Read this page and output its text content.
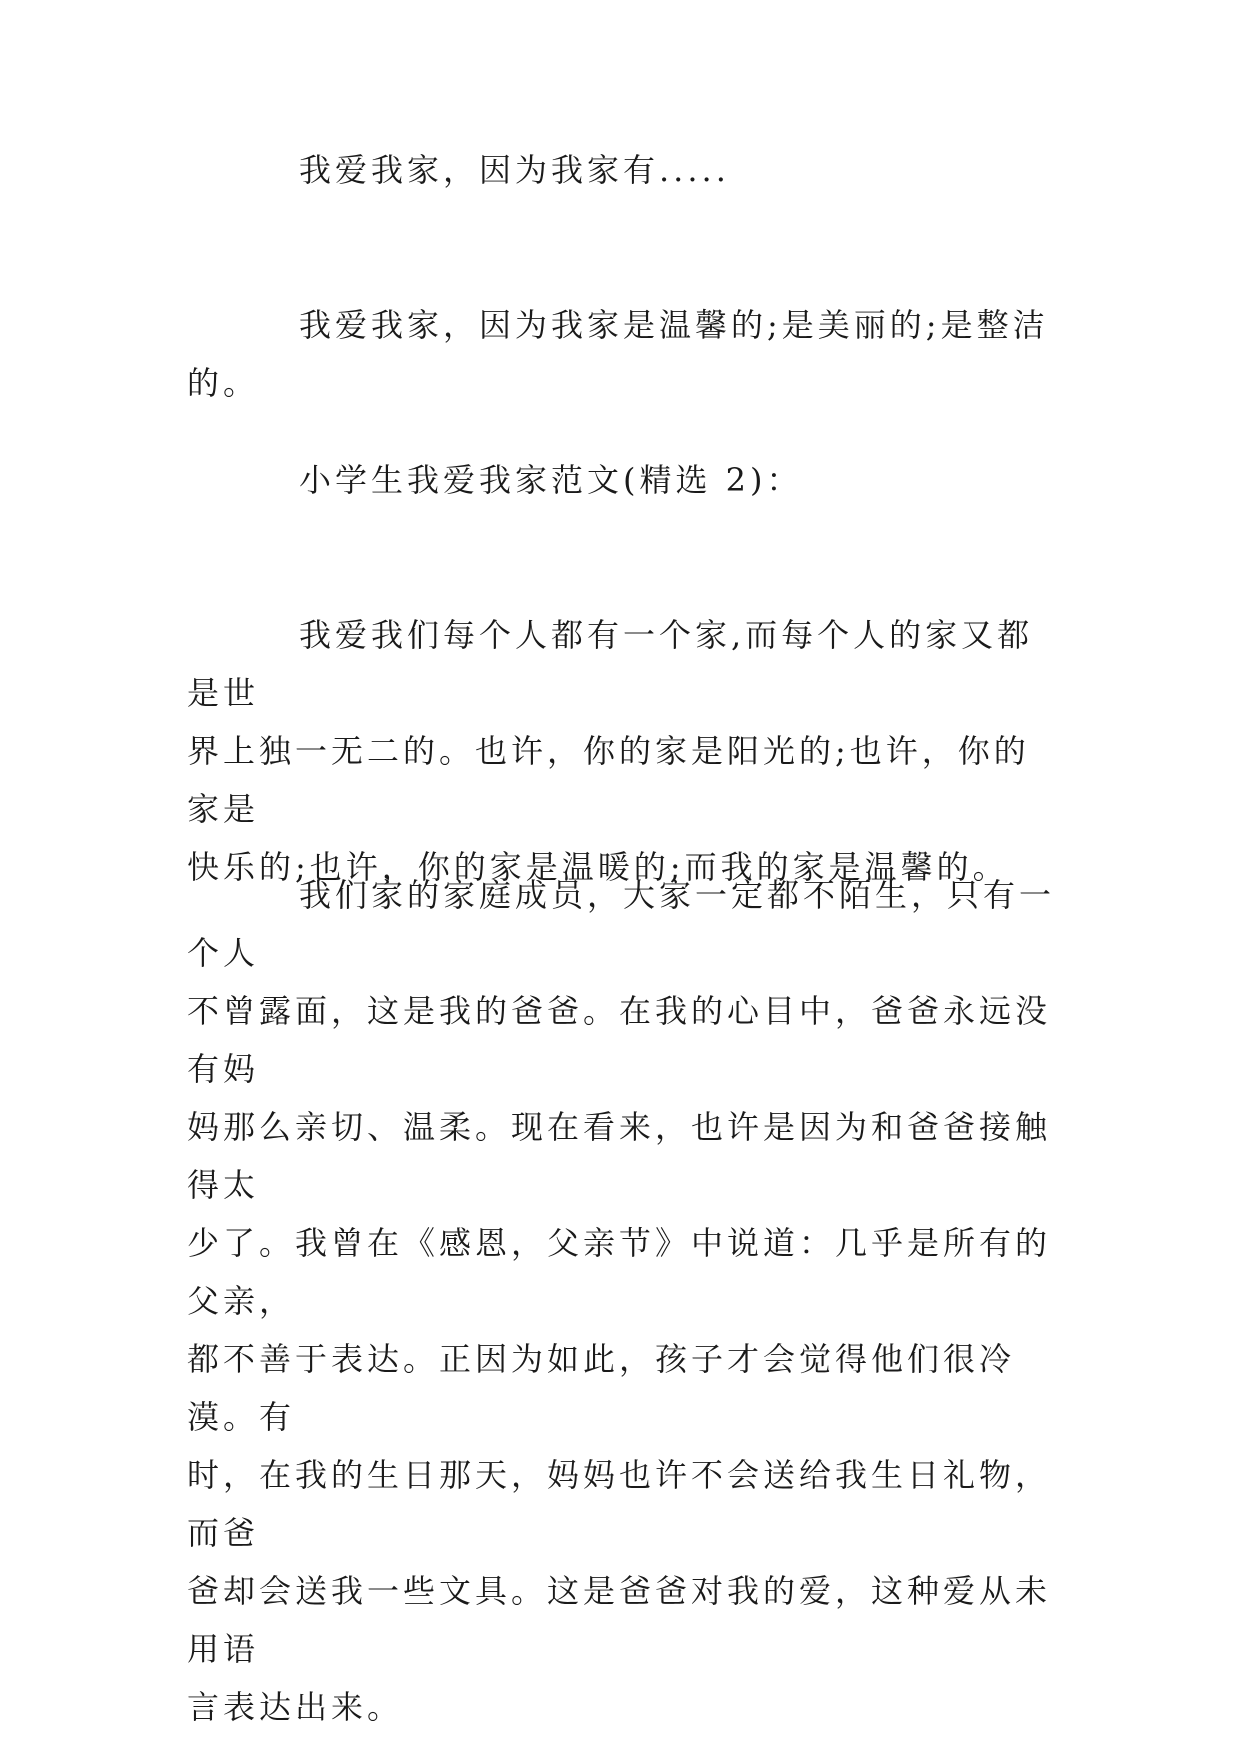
我爱我家，因为我家有.....

我爱我家，因为我家是温馨的;是美丽的;是整洁的。

小学生我爱我家范文(精选 2)：

我爱我们每个人都有一个家,而每个人的家又都是世
界上独一无二的。也许，你的家是阳光的;也许，你的家是
快乐的;也许，你的家是温暖的;而我的家是温馨的。

我们家的家庭成员，大家一定都不陌生，只有一个人
不曾露面，这是我的爸爸。在我的心目中，爸爸永远没有妈
妈那么亲切、温柔。现在看来，也许是因为和爸爸接触得太
少了。我曾在《感恩，父亲节》中说道：几乎是所有的父亲，
都不善于表达。正因为如此，孩子才会觉得他们很冷漠。有
时，在我的生日那天，妈妈也许不会送给我生日礼物，而爸
爸却会送我一些文具。这是爸爸对我的爱，这种爱从未用语
言表达出来。
